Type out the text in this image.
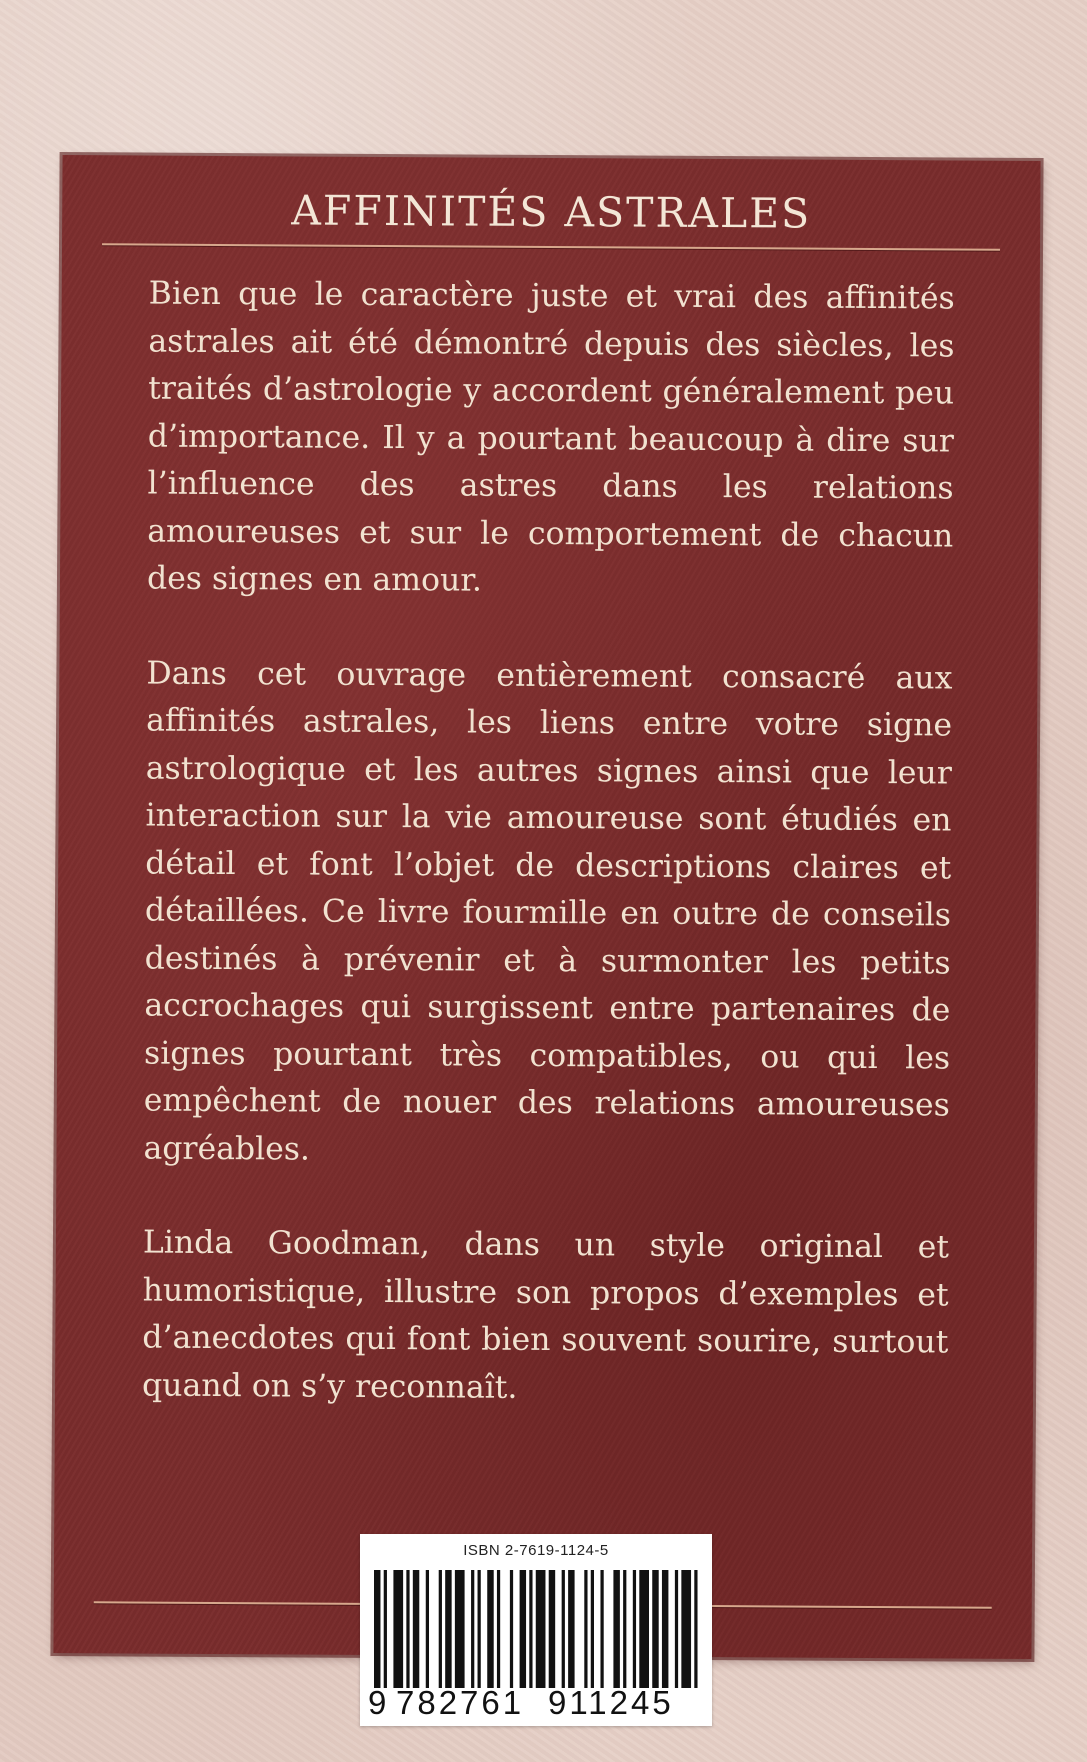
AFFINITÉS ASTRALES

Bien que le caractère juste et vrai des affinités astrales ait été démontré depuis des siècles, les traités d’astrologie y accordent généralement peu d’importance. Il y a pourtant beaucoup à dire sur l’influence des astres dans les relations amoureuses et sur le comportement de chacun des signes en amour.

Dans cet ouvrage entièrement consacré aux affinités astrales, les liens entre votre signe astrologique et les autres signes ainsi que leur interaction sur la vie amoureuse sont étudiés en détail et font l’objet de descriptions claires et détaillées. Ce livre fourmille en outre de conseils destinés à prévenir et à surmonter les petits accrochages qui surgissent entre partenaires de signes pourtant très compatibles, ou qui les empêchent de nouer des relations amoureuses agréables.

Linda Goodman, dans un style original et humoristique, illustre son propos d’exemples et d’anecdotes qui font bien souvent sourire, surtout quand on s’y reconnaît.

ISBN 2-7619-1124-5
9 782761 911245
